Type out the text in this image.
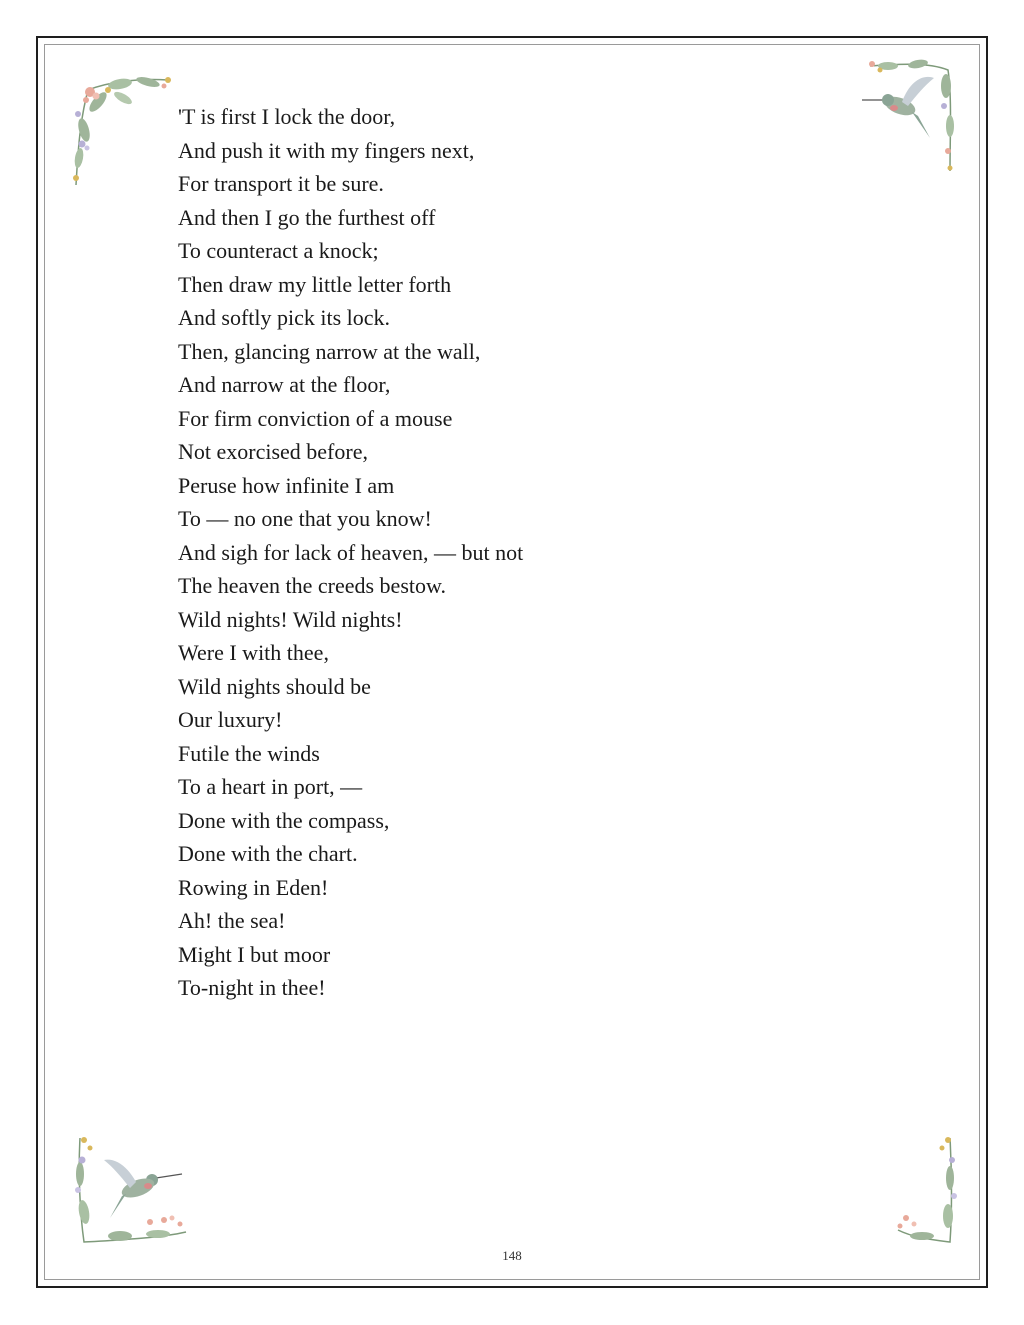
'T is first I lock the door,
And push it with my fingers next,
For transport it be sure.
And then I go the furthest off
To counteract a knock;
Then draw my little letter forth
And softly pick its lock.
Then, glancing narrow at the wall,
And narrow at the floor,
For firm conviction of a mouse
Not exorcised before,
Peruse how infinite I am
To — no one that you know!
And sigh for lack of heaven, — but not
The heaven the creeds bestow.
Wild nights! Wild nights!
Were I with thee,
Wild nights should be
Our luxury!
Futile the winds
To a heart in port, —
Done with the compass,
Done with the chart.
Rowing in Eden!
Ah! the sea!
Might I but moor
To-night in thee!
148
